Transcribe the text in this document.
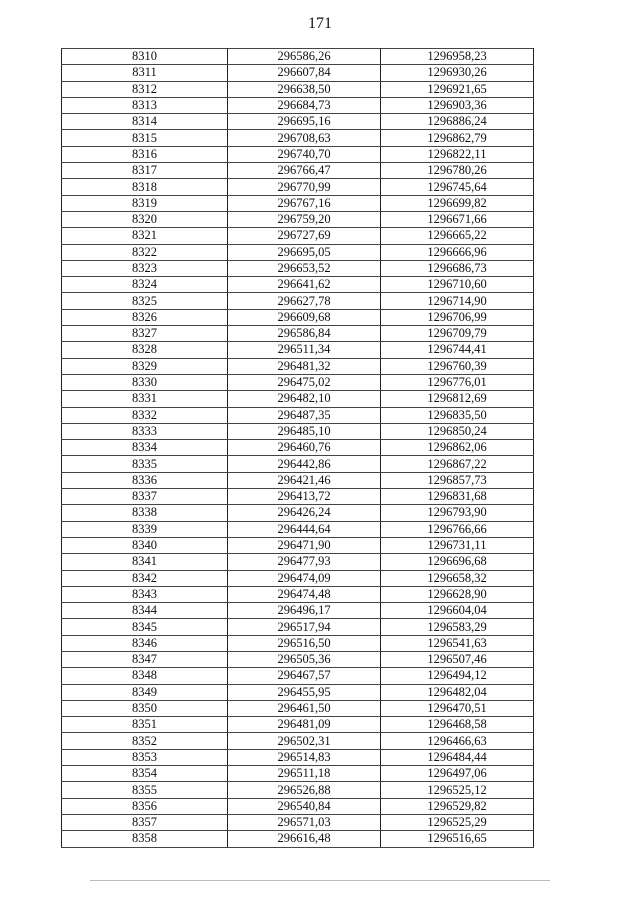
171
8310	296586,26	1296958,23
8311	296607,84	1296930,26
8312	296638,50	1296921,65
8313	296684,73	1296903,36
8314	296695,16	1296886,24
8315	296708,63	1296862,79
8316	296740,70	1296822,11
8317	296766,47	1296780,26
8318	296770,99	1296745,64
8319	296767,16	1296699,82
8320	296759,20	1296671,66
8321	296727,69	1296665,22
8322	296695,05	1296666,96
8323	296653,52	1296686,73
8324	296641,62	1296710,60
8325	296627,78	1296714,90
8326	296609,68	1296706,99
8327	296586,84	1296709,79
8328	296511,34	1296744,41
8329	296481,32	1296760,39
8330	296475,02	1296776,01
8331	296482,10	1296812,69
8332	296487,35	1296835,50
8333	296485,10	1296850,24
8334	296460,76	1296862,06
8335	296442,86	1296867,22
8336	296421,46	1296857,73
8337	296413,72	1296831,68
8338	296426,24	1296793,90
8339	296444,64	1296766,66
8340	296471,90	1296731,11
8341	296477,93	1296696,68
8342	296474,09	1296658,32
8343	296474,48	1296628,90
8344	296496,17	1296604,04
8345	296517,94	1296583,29
8346	296516,50	1296541,63
8347	296505,36	1296507,46
8348	296467,57	1296494,12
8349	296455,95	1296482,04
8350	296461,50	1296470,51
8351	296481,09	1296468,58
8352	296502,31	1296466,63
8353	296514,83	1296484,44
8354	296511,18	1296497,06
8355	296526,88	1296525,12
8356	296540,84	1296529,82
8357	296571,03	1296525,29
8358	296616,48	1296516,65
